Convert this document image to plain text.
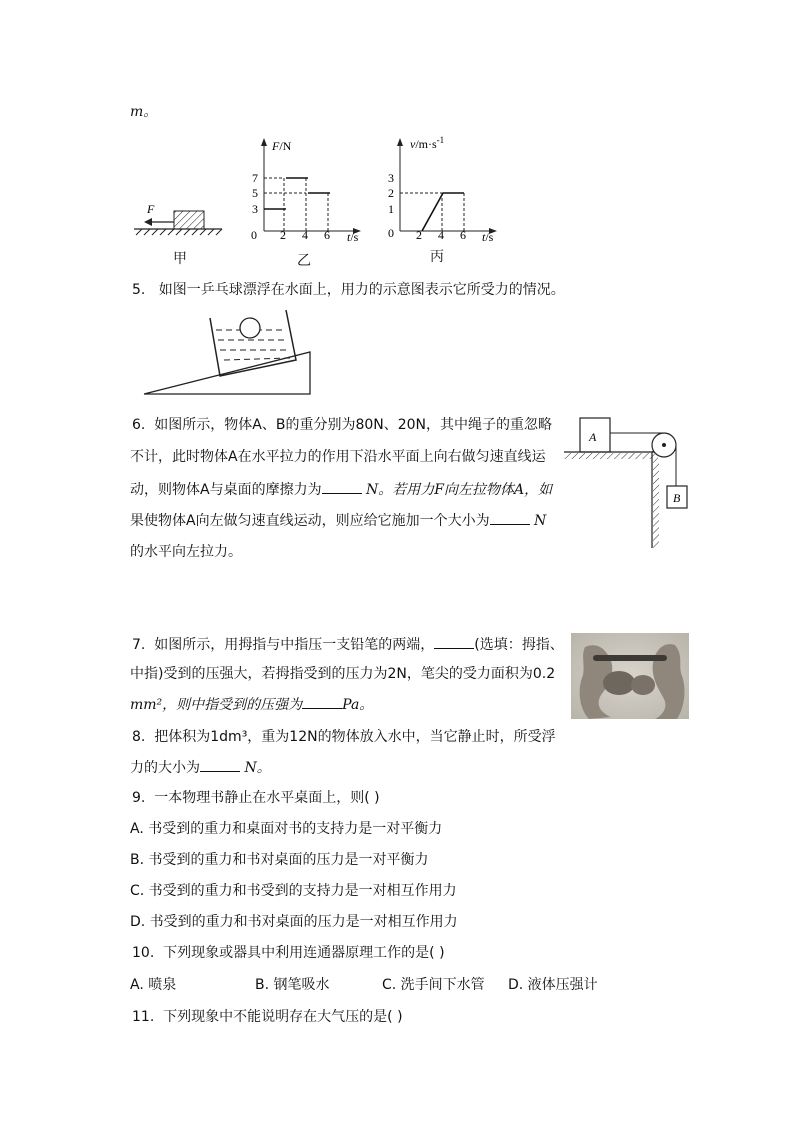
m。
F
甲
F/N
7
5
3
0 2 4 6 t/s
乙
$v/m\cdot s^{-1}$
3
2
1
0 2 4 6 t/s
丙
5. 如图一乒乓球漂浮在水面上，用力的示意图表示它所受力的情况。
6. 如图所示，物体A、B的重分别为80N、20N，其中绳子的重忽略
不计，此时物体A在水平拉力的作用下沿水平面上向右做匀速直线运
动，则物体A与桌面的摩擦力为	N。若用力F向左拉物体A，如
果使物体A向左做匀速直线运动，则应给它施加一个大小为	N
的水平向左拉力。
A
B
7. 如图所示，用拇指与中指压一支铅笔的两端，	(选填：拇指、
中指)受到的压强大，若拇指受到的压力为2N，笔尖的受力面积为0.2
mm²，则中指受到的压强为	Pa。
8. 把体积为1dm³，重为12N的物体放入水中，当它静止时，所受浮
力的大小为	N。
9. 一本物理书静止在水平桌面上，则( )
A. 书受到的重力和桌面对书的支持力是一对平衡力
B. 书受到的重力和书对桌面的压力是一对平衡力
C. 书受到的重力和书受到的支持力是一对相互作用力
D. 书受到的重力和书对桌面的压力是一对相互作用力
10. 下列现象或器具中利用连通器原理工作的是( )
A. 喷泉	B. 钢笔吸水	C. 洗手间下水管 D. 液体压强计
11. 下列现象中不能说明存在大气压的是( )
